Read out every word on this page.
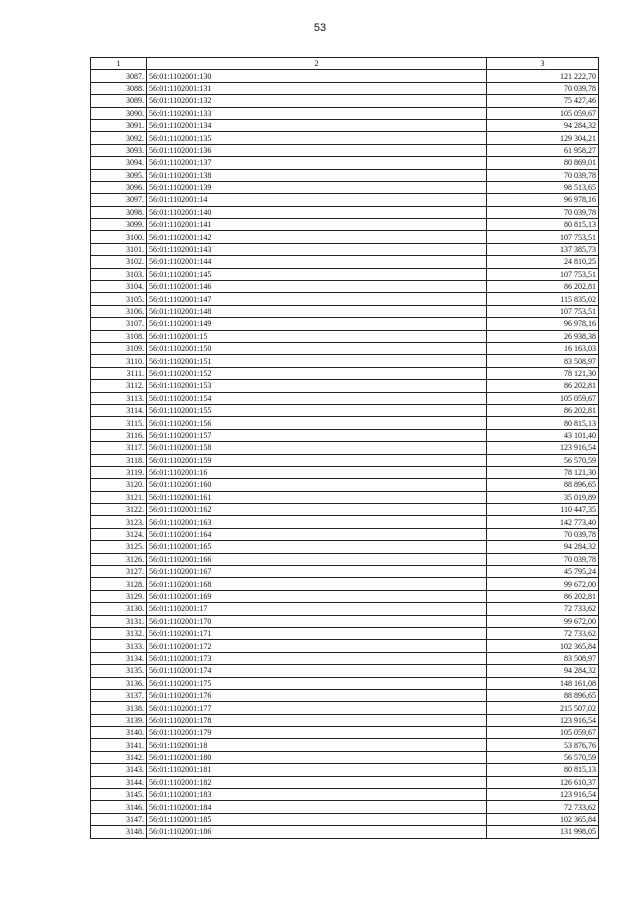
53
1	2	3
3087.	56:01:1102001:130	121 222,70
3088.	56:01:1102001:131	70 039,78
3089.	56:01:1102001:132	75 427,46
3090.	56:01:1102001:133	105 059,67
3091.	56:01:1102001:134	94 284,32
3092.	56:01:1102001:135	129 304,21
3093.	56:01:1102001:136	61 958,27
3094.	56:01:1102001:137	80 869,01
3095.	56:01:1102001:138	70 039,78
3096.	56:01:1102001:139	98 513,65
3097.	56:01:1102001:14	96 978,16
3098.	56:01:1102001:140	70 039,78
3099.	56:01:1102001:141	80 815,13
3100.	56:01:1102001:142	107 753,51
3101.	56:01:1102001:143	137 385,73
3102.	56:01:1102001:144	24 810,25
3103.	56:01:1102001:145	107 753,51
3104.	56:01:1102001:146	86 202,81
3105.	56:01:1102001:147	115 835,02
3106.	56:01:1102001:148	107 753,51
3107.	56:01:1102001:149	96 978,16
3108.	56:01:1102001:15	26 938,38
3109.	56:01:1102001:150	16 163,03
3110.	56:01:1102001:151	83 508,97
3111.	56:01:1102001:152	78 121,30
3112.	56:01:1102001:153	86 202,81
3113.	56:01:1102001:154	105 059,67
3114.	56:01:1102001:155	86 202,81
3115.	56:01:1102001:156	80 815,13
3116.	56:01:1102001:157	43 101,40
3117.	56:01:1102001:158	123 916,54
3118.	56:01:1102001:159	56 570,59
3119.	56:01:1102001:16	78 121,30
3120.	56:01:1102001:160	88 896,65
3121.	56:01:1102001:161	35 019,89
3122.	56:01:1102001:162	110 447,35
3123.	56:01:1102001:163	142 773,40
3124.	56:01:1102001:164	70 039,78
3125.	56:01:1102001:165	94 284,32
3126.	56:01:1102001:166	70 039,78
3127.	56:01:1102001:167	45 795,24
3128.	56:01:1102001:168	99 672,00
3129.	56:01:1102001:169	86 202,81
3130.	56:01:1102001:17	72 733,62
3131.	56:01:1102001:170	99 672,00
3132.	56:01:1102001:171	72 733,62
3133.	56:01:1102001:172	102 365,84
3134.	56:01:1102001:173	83 508,97
3135.	56:01:1102001:174	94 284,32
3136.	56:01:1102001:175	148 161,08
3137.	56:01:1102001:176	88 896,65
3138.	56:01:1102001:177	215 507,02
3139.	56:01:1102001:178	123 916,54
3140.	56:01:1102001:179	105 059,67
3141.	56:01:1102001:18	53 876,76
3142.	56:01:1102001:180	56 570,59
3143.	56:01:1102001:181	80 815,13
3144.	56:01:1102001:182	126 610,37
3145.	56:01:1102001:183	123 916,54
3146.	56:01:1102001:184	72 733,62
3147.	56:01:1102001:185	102 365,84
3148.	56:01:1102001:186	131 998,05
